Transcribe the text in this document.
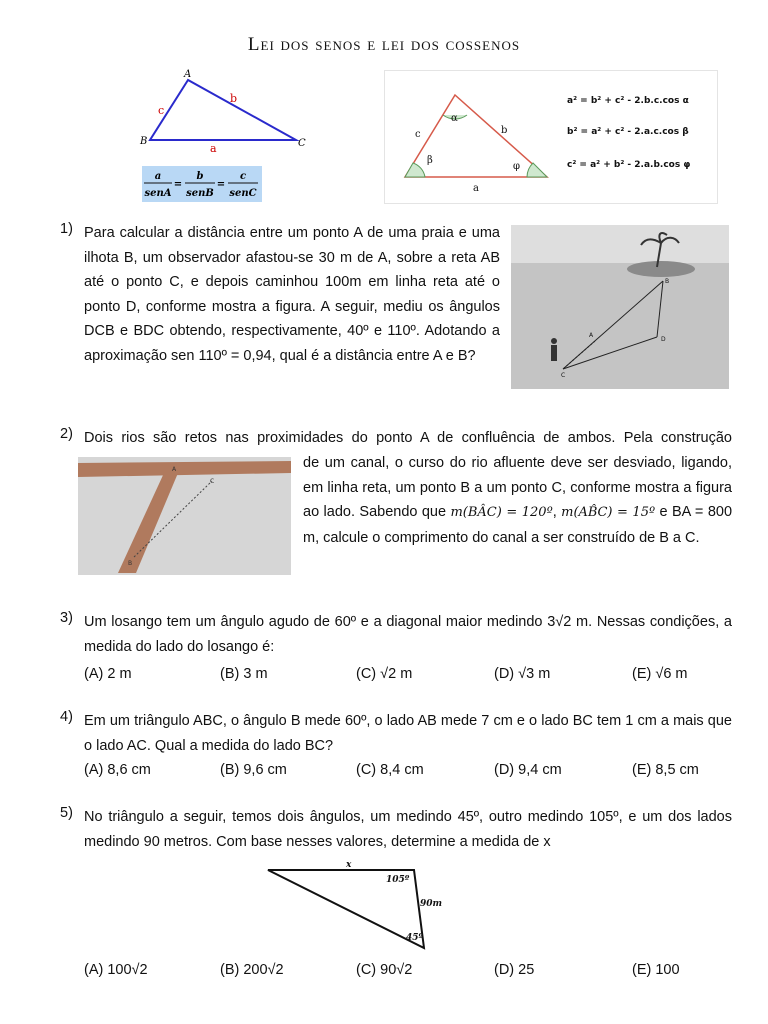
Lei dos senos e lei dos cossenos
A
B	C
a
b
c
a
senA
=
b
senB
=
c
senC
α
β
φ
c	b
a
a² = b² + c² - 2.b.c.cos α
b² = a² + c² - 2.a.c.cos β
c² = a² + b² - 2.a.b.cos φ
1) Para calcular a distância entre um ponto A de uma praia e uma ilhota B, um observador afastou-se 30 m de A, sobre a reta AB até o ponto C, e depois caminhou 100m em linha reta até o ponto D, conforme mostra a figura. A seguir, mediu os ângulos DCB e BDC obtendo, respectivamente, 40º e 110º. Adotando a aproximação sen 110º = 0,94, qual é a distância entre A e B?
B
A
C
D
2) Dois rios são retos nas proximidades do ponto A de confluência de ambos. Pela construção
A
C
B
de um canal, o curso do rio afluente deve ser desviado, ligando, em linha reta, um ponto B a um ponto C, conforme mostra a figura ao lado. Sabendo que m(BÂC) = 120º, m(AB̂C) = 15º e BA = 800 m, calcule o comprimento do canal a ser construído de B a C.
3) Um losango tem um ângulo agudo de 60º e a diagonal maior medindo 3√2 m. Nessas condições, a medida do lado do losango é:
(A) 2 m	(B) 3 m	(C) √2 m	(D) √3 m	(E) √6 m
4) Em um triângulo ABC, o ângulo B mede 60º, o lado AB mede 7 cm e o lado BC tem 1 cm a mais que o lado AC. Qual a medida do lado BC?
(A) 8,6 cm	(B) 9,6 cm	(C) 8,4 cm	(D) 9,4 cm	(E) 8,5 cm
5) No triângulo a seguir, temos dois ângulos, um medindo 45º, outro medindo 105º, e um dos lados medindo 90 metros. Com base nesses valores, determine a medida de x
x
105º
90m
45º
(A) 100√2	(B) 200√2	(C) 90√2	(D) 25	(E) 100
